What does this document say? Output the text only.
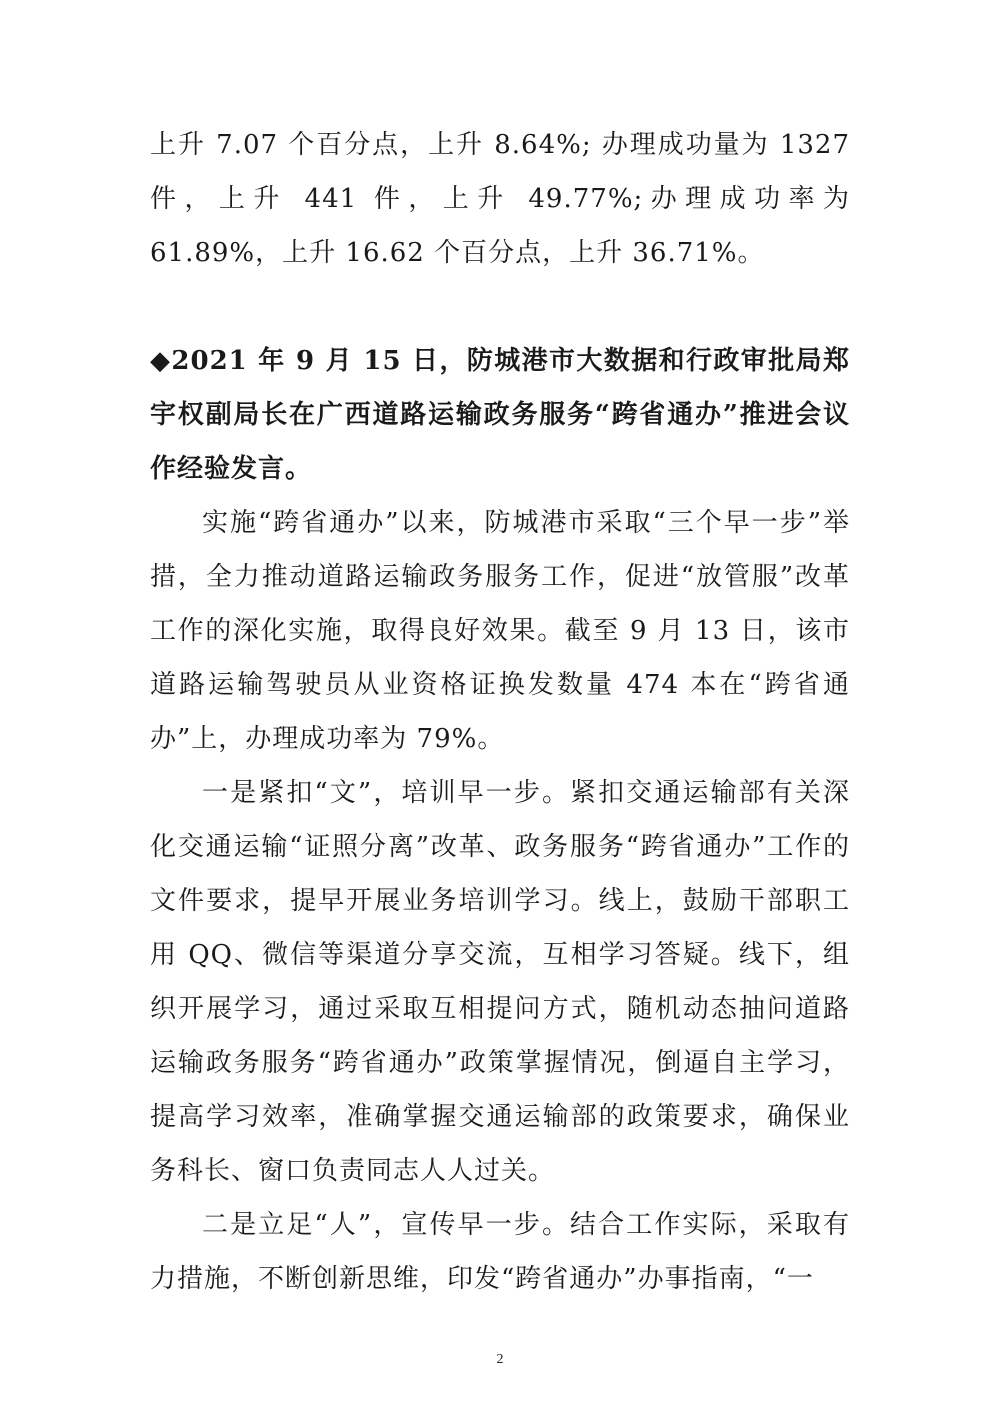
上升 7.07 个百分点，上升 8.64%; 办理成功量为 1327 件，上升 441 件，上升 49.77%;办理成功率为 61.89%，上升 16.62 个百分点，上升 36.71%。

◆2021 年 9 月 15 日，防城港市大数据和行政审批局郑宇权副局长在广西道路运输政务服务“跨省通办”推进会议作经验发言。

实施“跨省通办”以来，防城港市采取“三个早一步”举措，全力推动道路运输政务服务工作，促进“放管服”改革工作的深化实施，取得良好效果。截至 9 月 13 日，该市道路运输驾驶员从业资格证换发数量 474 本在“跨省通办”上，办理成功率为 79%。

一是紧扣“文”，培训早一步。紧扣交通运输部有关深化交通运输“证照分离”改革、政务服务“跨省通办”工作的文件要求，提早开展业务培训学习。线上，鼓励干部职工用 QQ、微信等渠道分享交流，互相学习答疑。线下，组织开展学习，通过采取互相提问方式，随机动态抽问道路运输政务服务“跨省通办”政策掌握情况，倒逼自主学习，提高学习效率，准确掌握交通运输部的政策要求，确保业务科长、窗口负责同志人人过关。

二是立足“人”，宣传早一步。结合工作实际，采取有力措施，不断创新思维，印发“跨省通办”办事指南，“一

2
